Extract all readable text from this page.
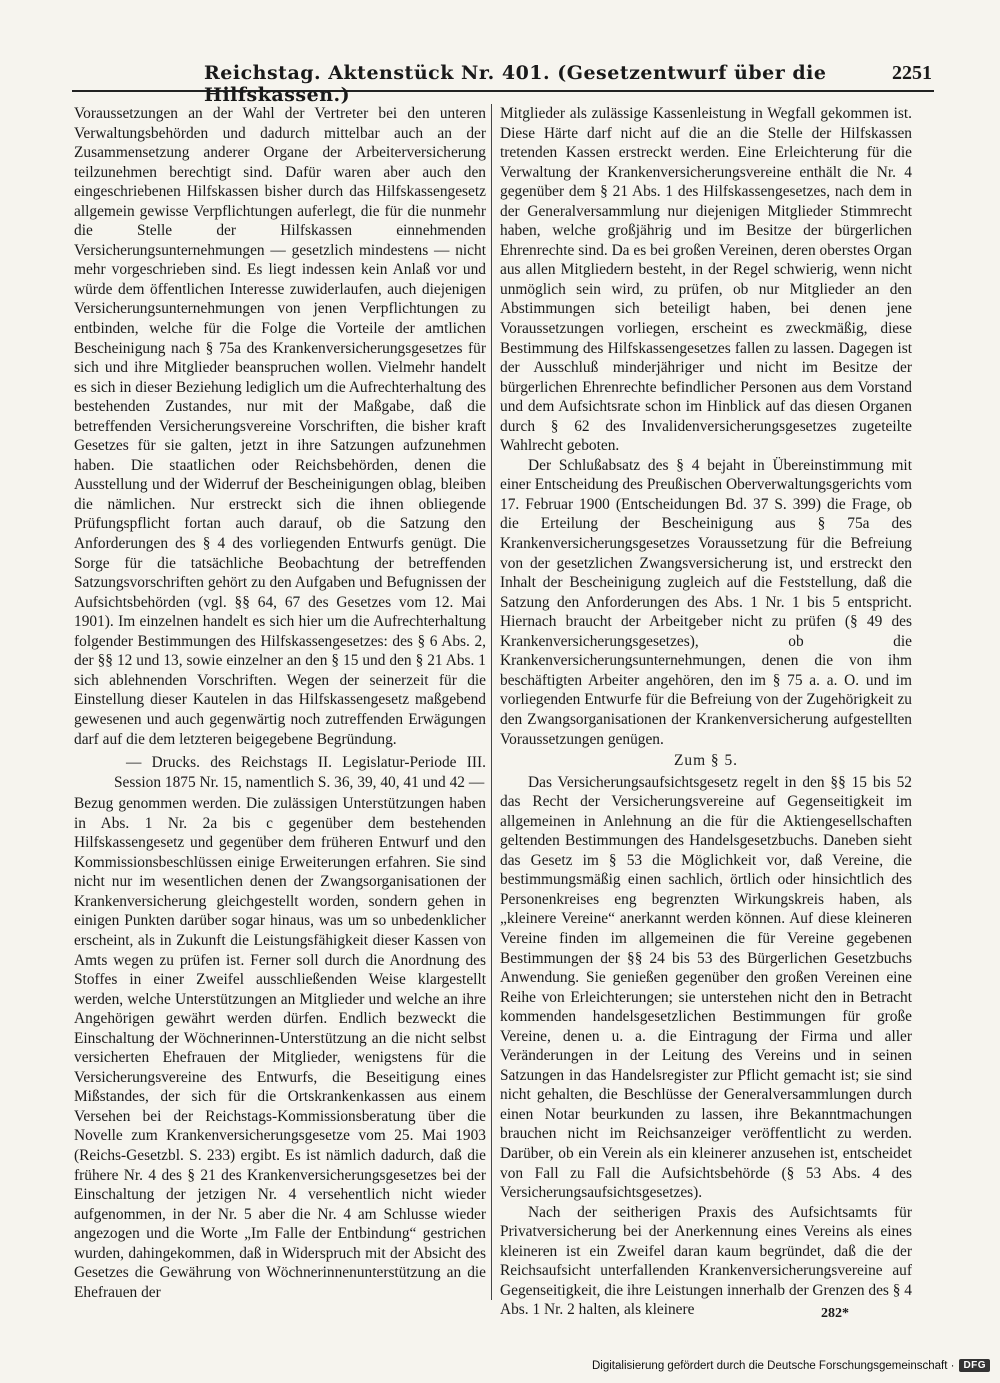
Reichstag. Aktenstück Nr. 401. (Gesetzentwurf über die Hilfskassen.)
2251

Voraussetzungen an der Wahl der Vertreter bei den unteren Verwaltungsbehörden und dadurch mittelbar auch an der Zusammensetzung anderer Organe der Arbeiterversicherung teilzunehmen berechtigt sind. Dafür waren aber auch den eingeschriebenen Hilfskassen bisher durch das Hilfskassengesetz allgemein gewisse Verpflichtungen auferlegt, die für die nunmehr die Stelle der Hilfskassen einnehmenden Versicherungsunternehmungen — gesetzlich mindestens — nicht mehr vorgeschrieben sind. Es liegt indessen kein Anlaß vor und würde dem öffentlichen Interesse zuwiderlaufen, auch diejenigen Versicherungsunternehmungen von jenen Verpflichtungen zu entbinden, welche für die Folge die Vorteile der amtlichen Bescheinigung nach § 75a des Krankenversicherungsgesetzes für sich und ihre Mitglieder beanspruchen wollen. Vielmehr handelt es sich in dieser Beziehung lediglich um die Aufrechterhaltung des bestehenden Zustandes, nur mit der Maßgabe, daß die betreffenden Versicherungsvereine Vorschriften, die bisher kraft Gesetzes für sie galten, jetzt in ihre Satzungen aufzunehmen haben. Die staatlichen oder Reichsbehörden, denen die Ausstellung und der Widerruf der Bescheinigungen oblag, bleiben die nämlichen. Nur erstreckt sich die ihnen obliegende Prüfungspflicht fortan auch darauf, ob die Satzung den Anforderungen des § 4 des vorliegenden Entwurfs genügt. Die Sorge für die tatsächliche Beobachtung der betreffenden Satzungsvorschriften gehört zu den Aufgaben und Befugnissen der Aufsichtsbehörden (vgl. §§ 64, 67 des Gesetzes vom 12. Mai 1901). Im einzelnen handelt es sich hier um die Aufrechterhaltung folgender Bestimmungen des Hilfskassengesetzes: des § 6 Abs. 2, der §§ 12 und 13, sowie einzelner an den § 15 und den § 21 Abs. 1 sich ablehnenden Vorschriften. Wegen der seinerzeit für die Einstellung dieser Kautelen in das Hilfskassengesetz maßgebend gewesenen und auch gegenwärtig noch zutreffenden Erwägungen darf auf die dem letzteren beigegebene Begründung.

— Drucks. des Reichstags II. Legislatur-Periode III. Session 1875 Nr. 15, namentlich S. 36, 39, 40, 41 und 42 —

Bezug genommen werden. Die zulässigen Unterstützungen haben in Abs. 1 Nr. 2a bis c gegenüber dem bestehenden Hilfskassengesetz und gegenüber dem früheren Entwurf und den Kommissionsbeschlüssen einige Erweiterungen erfahren. Sie sind nicht nur im wesentlichen denen der Zwangsorganisationen der Krankenversicherung gleichgestellt worden, sondern gehen in einigen Punkten darüber sogar hinaus, was um so unbedenklicher erscheint, als in Zukunft die Leistungsfähigkeit dieser Kassen von Amts wegen zu prüfen ist. Ferner soll durch die Anordnung des Stoffes in einer Zweifel ausschließenden Weise klargestellt werden, welche Unterstützungen an Mitglieder und welche an ihre Angehörigen gewährt werden dürfen. Endlich bezweckt die Einschaltung der Wöchnerinnen-Unterstützung an die nicht selbst versicherten Ehefrauen der Mitglieder, wenigstens für die Versicherungsvereine des Entwurfs, die Beseitigung eines Mißstandes, der sich für die Ortskrankenkassen aus einem Versehen bei der Reichstags-Kommissionsberatung über die Novelle zum Krankenversicherungsgesetze vom 25. Mai 1903 (Reichs-Gesetzbl. S. 233) ergibt. Es ist nämlich dadurch, daß die frühere Nr. 4 des § 21 des Krankenversicherungsgesetzes bei der Einschaltung der jetzigen Nr. 4 versehentlich nicht wieder aufgenommen, in der Nr. 5 aber die Nr. 4 am Schlusse wieder angezogen und die Worte „Im Falle der Entbindung“ gestrichen wurden, dahingekommen, daß in Widerspruch mit der Absicht des Gesetzes die Gewährung von Wöchnerinnenunterstützung an die Ehefrauen der

Mitglieder als zulässige Kassenleistung in Wegfall gekommen ist. Diese Härte darf nicht auf die an die Stelle der Hilfskassen tretenden Kassen erstreckt werden. Eine Erleichterung für die Verwaltung der Krankenversicherungsvereine enthält die Nr. 4 gegenüber dem § 21 Abs. 1 des Hilfskassengesetzes, nach dem in der Generalversammlung nur diejenigen Mitglieder Stimmrecht haben, welche großjährig und im Besitze der bürgerlichen Ehrenrechte sind. Da es bei großen Vereinen, deren oberstes Organ aus allen Mitgliedern besteht, in der Regel schwierig, wenn nicht unmöglich sein wird, zu prüfen, ob nur Mitglieder an den Abstimmungen sich beteiligt haben, bei denen jene Voraussetzungen vorliegen, erscheint es zweckmäßig, diese Bestimmung des Hilfskassengesetzes fallen zu lassen. Dagegen ist der Ausschluß minderjähriger und nicht im Besitze der bürgerlichen Ehrenrechte befindlicher Personen aus dem Vorstand und dem Aufsichtsrate schon im Hinblick auf das diesen Organen durch § 62 des Invalidenversicherungsgesetzes zugeteilte Wahlrecht geboten.

Der Schlußabsatz des § 4 bejaht in Übereinstimmung mit einer Entscheidung des Preußischen Oberverwaltungsgerichts vom 17. Februar 1900 (Entscheidungen Bd. 37 S. 399) die Frage, ob die Erteilung der Bescheinigung aus § 75a des Krankenversicherungsgesetzes Voraussetzung für die Befreiung von der gesetzlichen Zwangsversicherung ist, und erstreckt den Inhalt der Bescheinigung zugleich auf die Feststellung, daß die Satzung den Anforderungen des Abs. 1 Nr. 1 bis 5 entspricht. Hiernach braucht der Arbeitgeber nicht zu prüfen (§ 49 des Krankenversicherungsgesetzes), ob die Krankenversicherungsunternehmungen, denen die von ihm beschäftigten Arbeiter angehören, den im § 75 a. a. O. und im vorliegenden Entwurfe für die Befreiung von der Zugehörigkeit zu den Zwangsorganisationen der Krankenversicherung aufgestellten Voraussetzungen genügen.

Zum § 5.

Das Versicherungsaufsichtsgesetz regelt in den §§ 15 bis 52 das Recht der Versicherungsvereine auf Gegenseitigkeit im allgemeinen in Anlehnung an die für die Aktiengesellschaften geltenden Bestimmungen des Handelsgesetzbuchs. Daneben sieht das Gesetz im § 53 die Möglichkeit vor, daß Vereine, die bestimmungsmäßig einen sachlich, örtlich oder hinsichtlich des Personenkreises eng begrenzten Wirkungskreis haben, als „kleinere Vereine“ anerkannt werden können. Auf diese kleineren Vereine finden im allgemeinen die für Vereine gegebenen Bestimmungen der §§ 24 bis 53 des Bürgerlichen Gesetzbuchs Anwendung. Sie genießen gegenüber den großen Vereinen eine Reihe von Erleichterungen; sie unterstehen nicht den in Betracht kommenden handelsgesetzlichen Bestimmungen für große Vereine, denen u. a. die Eintragung der Firma und aller Veränderungen in der Leitung des Vereins und in seinen Satzungen in das Handelsregister zur Pflicht gemacht ist; sie sind nicht gehalten, die Beschlüsse der Generalversammlungen durch einen Notar beurkunden zu lassen, ihre Bekanntmachungen brauchen nicht im Reichsanzeiger veröffentlicht zu werden. Darüber, ob ein Verein als ein kleinerer anzusehen ist, entscheidet von Fall zu Fall die Aufsichtsbehörde (§ 53 Abs. 4 des Versicherungsaufsichtsgesetzes).

Nach der seitherigen Praxis des Aufsichtsamts für Privatversicherung bei der Anerkennung eines Vereins als eines kleineren ist ein Zweifel daran kaum begründet, daß die der Reichsaufsicht unterfallenden Krankenversicherungsvereine auf Gegenseitigkeit, die ihre Leistungen innerhalb der Grenzen des § 4 Abs. 1 Nr. 2 halten, als kleinere	282*
Digitalisierung gefördert durch die Deutsche Forschungsgemeinschaft · DFG
